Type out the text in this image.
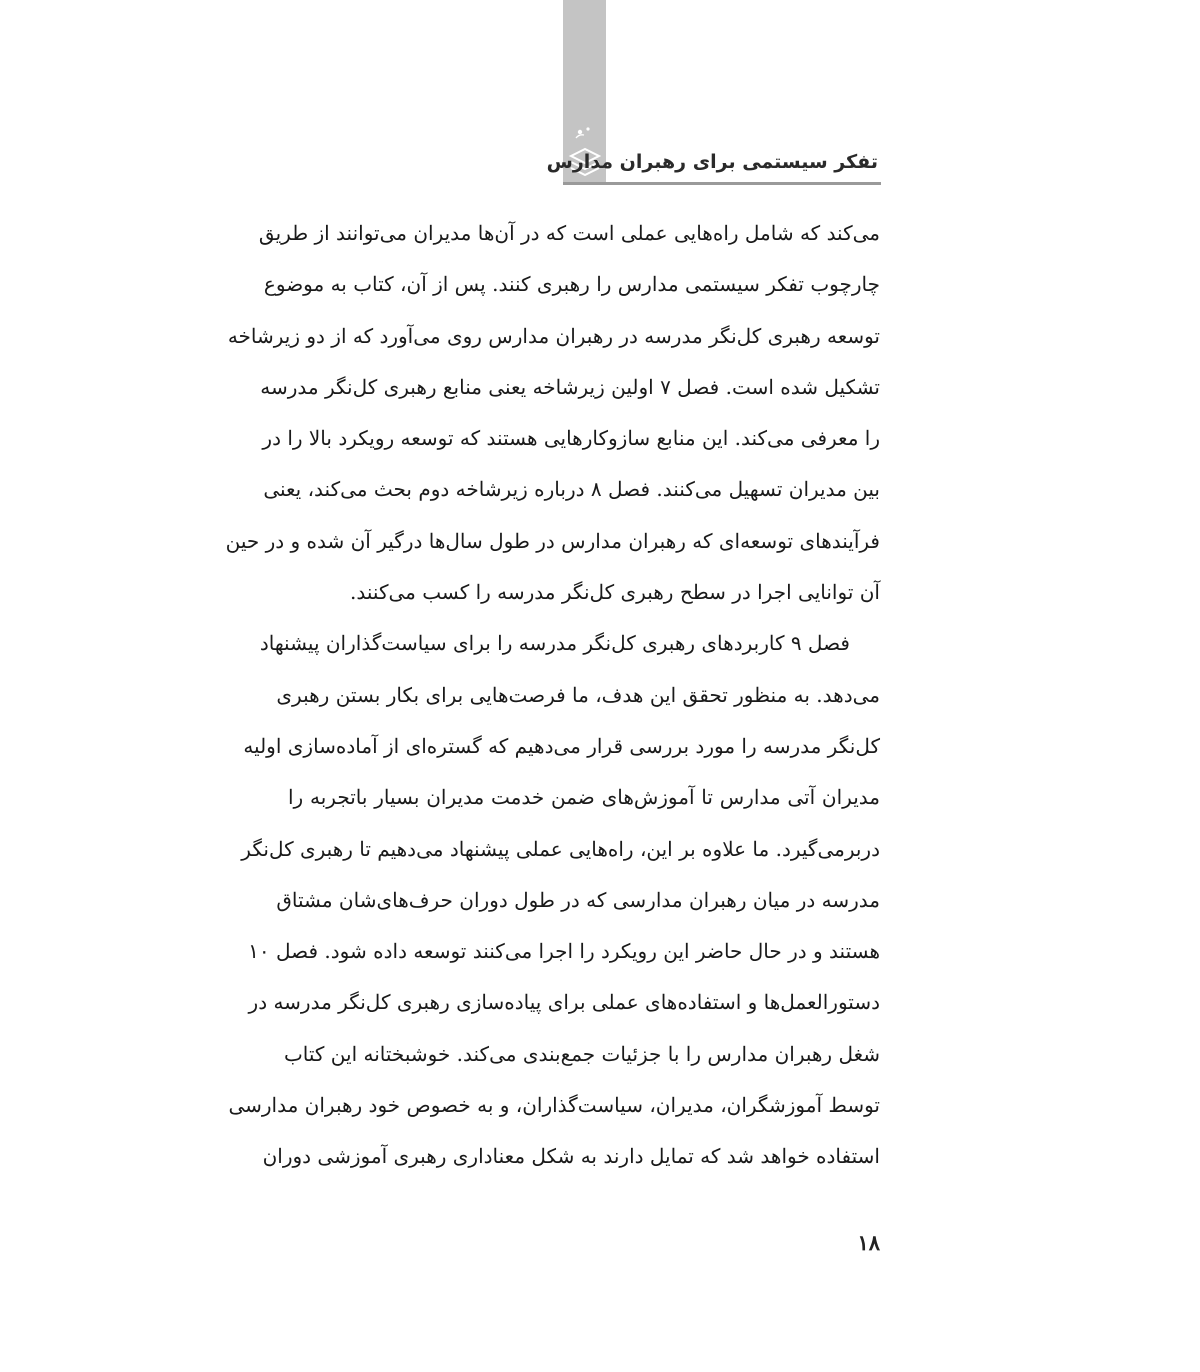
تفکر سیستمی برای رهبران مدارس
می‌کند که شامل راه‌هایی عملی است که در آن‌ها مدیران می‌توانند از طریق
چارچوب تفکر سیستمی مدارس را رهبری کنند. پس از آن، کتاب به موضوع
توسعه رهبری کل‌نگر مدرسه در رهبران مدارس روی می‌آورد که از دو زیرشاخه
تشکیل شده است. فصل ۷ اولین زیرشاخه یعنی منابع رهبری کل‌نگر مدرسه
را معرفی می‌کند. این منابع سازوکارهایی هستند که توسعه رویکرد بالا را در
بین مدیران تسهیل می‌کنند. فصل ۸ درباره زیرشاخه دوم بحث می‌کند، یعنی
فرآیندهای توسعه‌ای که رهبران مدارس در طول سال‌ها درگیر آن شده و در حین
آن توانایی اجرا در سطح رهبری کل‌نگر مدرسه را کسب می‌کنند.
فصل ۹ کاربردهای رهبری کل‌نگر مدرسه را برای سیاست‌گذاران پیشنهاد
می‌دهد. به منظور تحقق این هدف، ما فرصت‌هایی برای بکار بستن رهبری
کل‌نگر مدرسه را مورد بررسی قرار می‌دهیم که گستره‌ای از آماده‌سازی اولیه
مدیران آتی مدارس تا آموزش‌های ضمن خدمت مدیران بسیار باتجربه را
دربرمی‌گیرد. ما علاوه بر این، راه‌هایی عملی پیشنهاد می‌دهیم تا رهبری کل‌نگر
مدرسه در میان رهبران مدارسی که در طول دوران حرف‌های‌شان مشتاق
هستند و در حال حاضر این رویکرد را اجرا می‌کنند توسعه داده شود. فصل ۱۰
دستورالعمل‌ها و استفاده‌های عملی برای پیاده‌سازی رهبری کل‌نگر مدرسه در
شغل رهبران مدارس را با جزئیات جمع‌بندی می‌کند. خوشبختانه این کتاب
توسط آموزشگران، مدیران، سیاست‌گذاران، و به خصوص خود رهبران مدارسی
استفاده خواهد شد که تمایل دارند به شکل معناداری رهبری آموزشی دوران
۱۸
